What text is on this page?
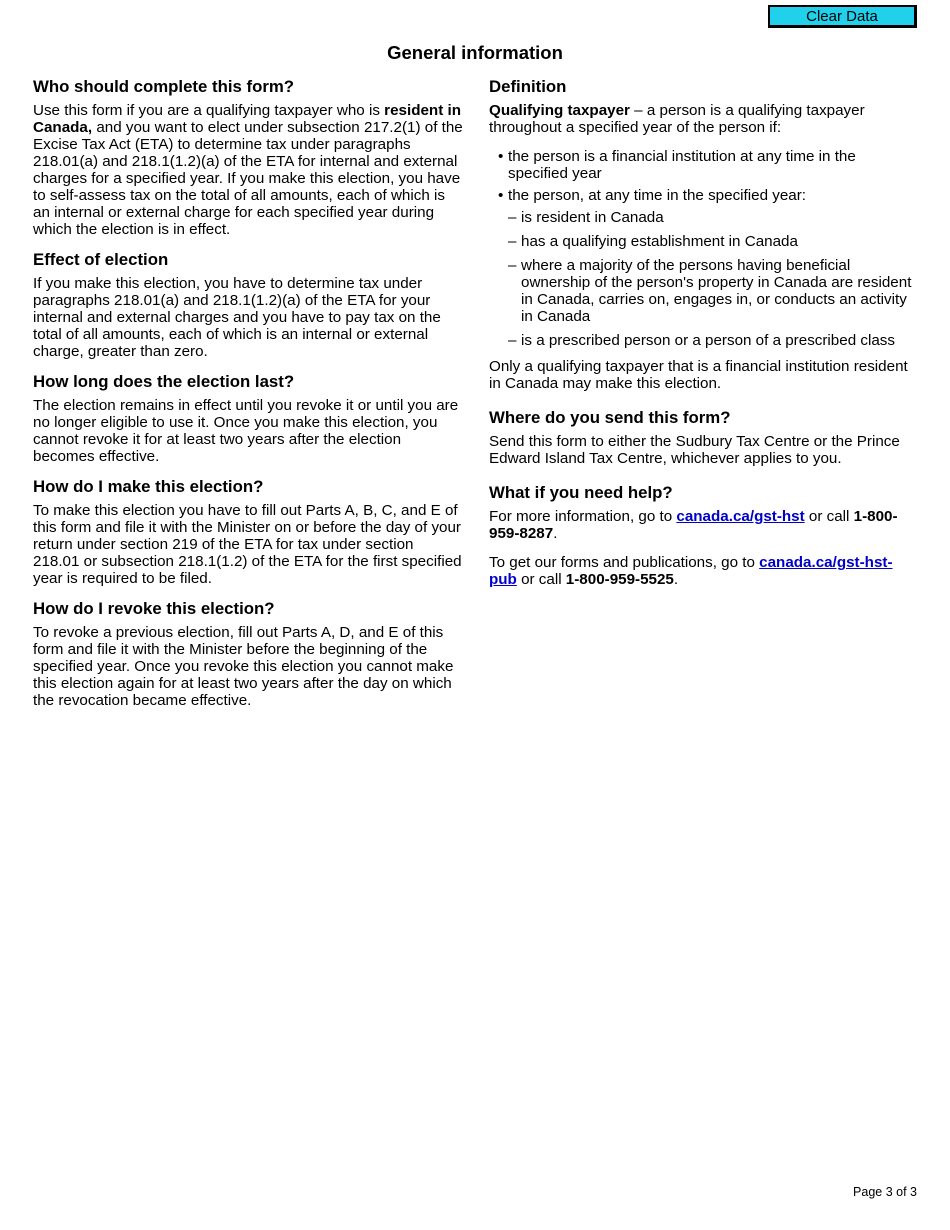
Clear Data
General information
Who should complete this form?

Use this form if you are a qualifying taxpayer who is resident in Canada, and you want to elect under subsection 217.2(1) of the Excise Tax Act (ETA) to determine tax under paragraphs 218.01(a) and 218.1(1.2)(a) of the ETA for internal and external charges for a specified year. If you make this election, you have to self-assess tax on the total of all amounts, each of which is an internal or external charge for each specified year during which the election is in effect.

Effect of election

If you make this election, you have to determine tax under paragraphs 218.01(a) and 218.1(1.2)(a) of the ETA for your internal and external charges and you have to pay tax on the total of all amounts, each of which is an internal or external charge, greater than zero.

How long does the election last?

The election remains in effect until you revoke it or until you are no longer eligible to use it. Once you make this election, you cannot revoke it for at least two years after the election becomes effective.

How do I make this election?

To make this election you have to fill out Parts A, B, C, and E of this form and file it with the Minister on or before the day of your return under section 219 of the ETA for tax under section 218.01 or subsection 218.1(1.2) of the ETA for the first specified year is required to be filed.

How do I revoke this election?

To revoke a previous election, fill out Parts A, D, and E of this form and file it with the Minister before the beginning of the specified year. Once you revoke this election you cannot make this election again for at least two years after the day on which the revocation became effective.

Definition

Qualifying taxpayer – a person is a qualifying taxpayer throughout a specified year of the person if:

• the person is a financial institution at any time in the specified year
• the person, at any time in the specified year:
– is resident in Canada
– has a qualifying establishment in Canada
– where a majority of the persons having beneficial ownership of the person's property in Canada are resident in Canada, carries on, engages in, or conducts an activity in Canada
– is a prescribed person or a person of a prescribed class

Only a qualifying taxpayer that is a financial institution resident in Canada may make this election.

Where do you send this form?

Send this form to either the Sudbury Tax Centre or the Prince Edward Island Tax Centre, whichever applies to you.

What if you need help?

For more information, go to canada.ca/gst-hst or call 1-800-959-8287.

To get our forms and publications, go to canada.ca/gst-hst-pub or call 1-800-959-5525.

Page 3 of 3
